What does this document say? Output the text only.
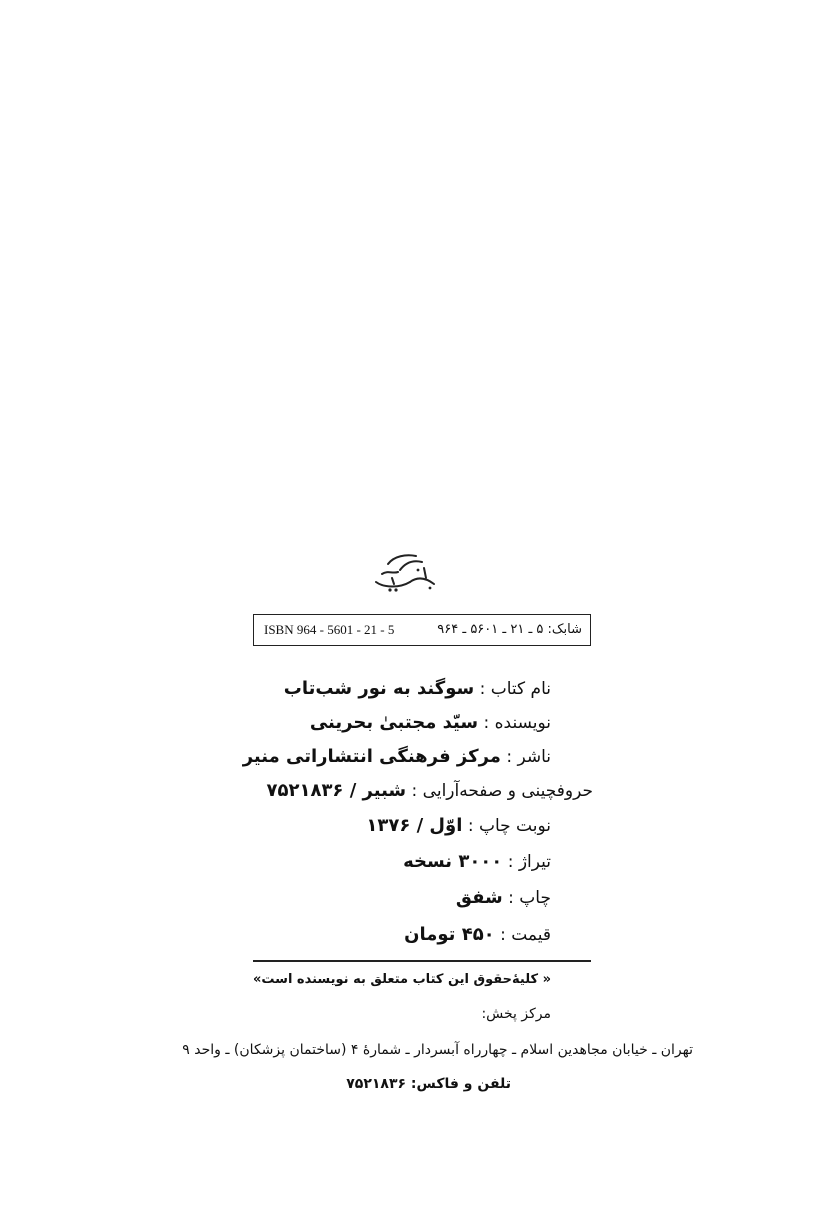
شابک: ۵ ـ ۲۱ ـ ۵۶۰۱ ـ ۹۶۴
ISBN 964 - 5601 - 21 - 5
نام کتاب : سوگند به نور شب‌تاب
نویسنده : سیّد مجتبیٰ بحرینی
ناشر : مرکز فرهنگی انتشاراتی منیر
حروفچینی و صفحه‌آرایی : شبیر / ۷۵۲۱۸۳۶
نوبت چاپ : اوّل / ۱۳۷۶
تیراژ : ۳۰۰۰ نسخه
چاپ : شفق
قیمت : ۴۵۰ تومان
« کلیهٔ‌حقوق این کتاب متعلق به نویسنده است»
مرکز پخش:
تهران ـ خیابان مجاهدین اسلام ـ چهارراه آبسردار ـ شمارهٔ ۴ (ساختمان پزشکان) ـ واحد ۹
تلفن و فاکس: ۷۵۲۱۸۳۶
